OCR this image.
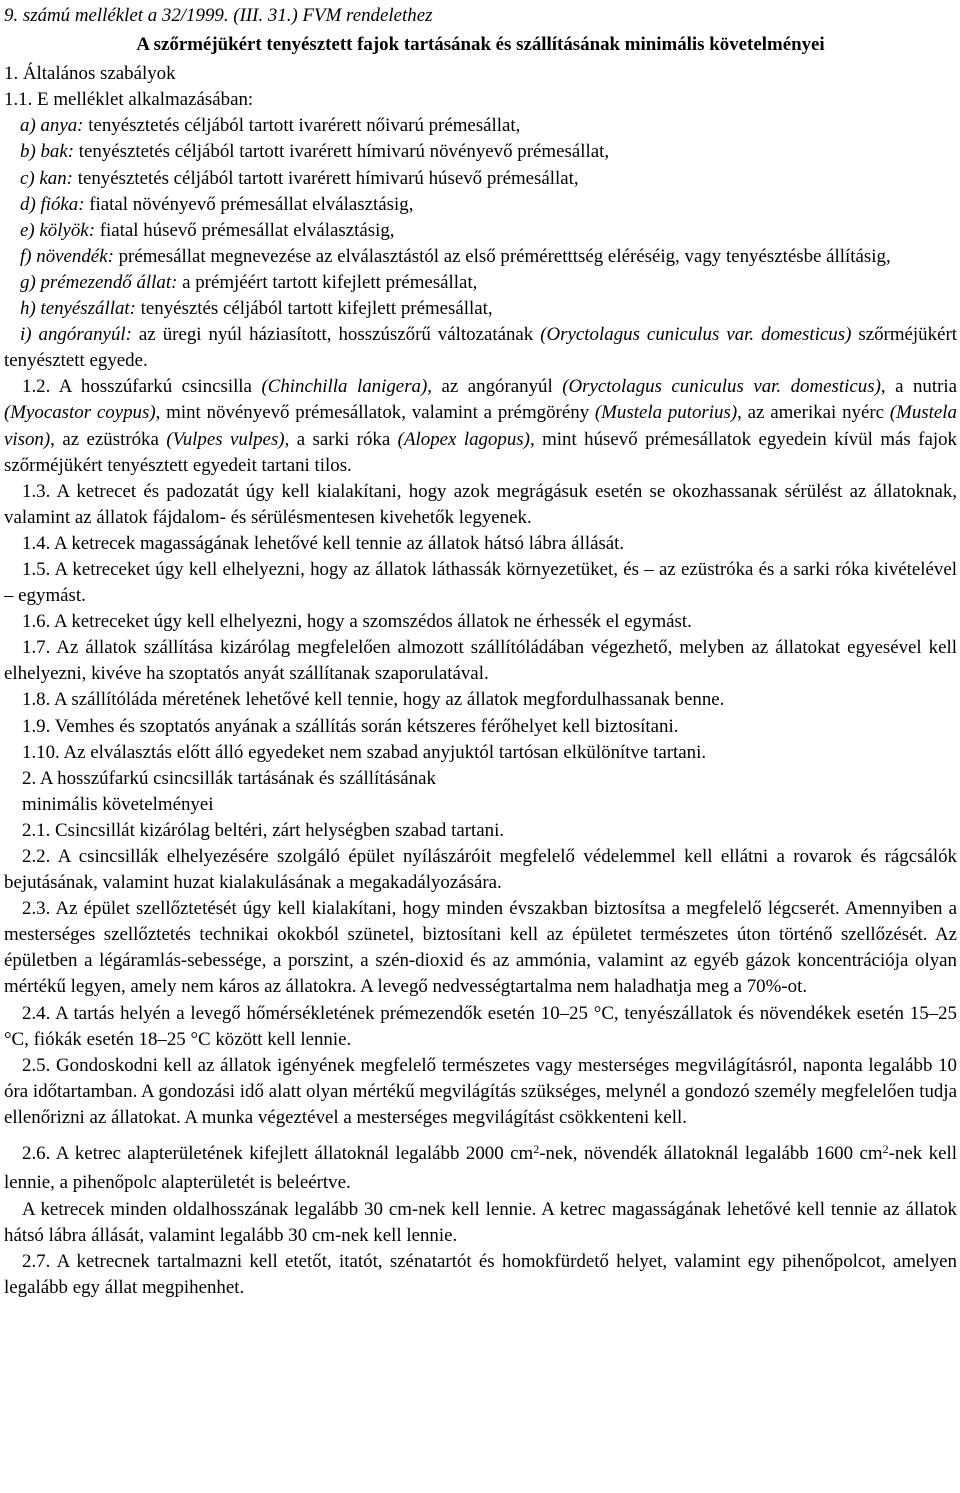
9. számú melléklet a 32/1999. (III. 31.) FVM rendelethez

A szőrméjükért tenyésztett fajok tartásának és szállításának minimális követelményei

1. Általános szabályok

1.1. E melléklet alkalmazásában:

a) anya: tenyésztetés céljából tartott ivarérett nőivarú prémesállat,

b) bak: tenyésztetés céljából tartott ivarérett hímivarú növényevő prémesállat,

c) kan: tenyésztetés céljából tartott ivarérett hímivarú húsevő prémesállat,

d) fióka: fiatal növényevő prémesállat elválasztásig,

e) kölyök: fiatal húsevő prémesállat elválasztásig,

f) növendék: prémesállat megnevezése az elválasztástól az első préméretttség eléréséig, vagy tenyésztésbe állításig,

g) prémezendő állat: a prémjéért tartott kifejlett prémesállat,

h) tenyészállat: tenyésztés céljából tartott kifejlett prémesállat,

i) angóranyúl: az üregi nyúl háziasított, hosszúszőrű változatának (Oryctolagus cuniculus var. domesticus) szőrméjükért tenyésztett egyede.

1.2. A hosszúfarkú csincsilla (Chinchilla lanigera), az angóranyúl (Oryctolagus cuniculus var. domesticus), a nutria (Myocastor coypus), mint növényevő prémesállatok, valamint a prémgörény (Mustela putorius), az amerikai nyérc (Mustela vison), az ezüstróka (Vulpes vulpes), a sarki róka (Alopex lagopus), mint húsevő prémesállatok egyedein kívül más fajok szőrméjükért tenyésztett egyedeit tartani tilos.

1.3. A ketrecet és padozatát úgy kell kialakítani, hogy azok megrágásuk esetén se okozhassanak sérülést az állatoknak, valamint az állatok fájdalom- és sérülésmentesen kivehetők legyenek.

1.4. A ketrecek magasságának lehetővé kell tennie az állatok hátsó lábra állását.

1.5. A ketreceket úgy kell elhelyezni, hogy az állatok láthassák környezetüket, és – az ezüstróka és a sarki róka kivételével – egymást.

1.6. A ketreceket úgy kell elhelyezni, hogy a szomszédos állatok ne érhessék el egymást.

1.7. Az állatok szállítása kizárólag megfelelően almozott szállítóládában végezhető, melyben az állatokat egyesével kell elhelyezni, kivéve ha szoptatós anyát szállítanak szaporulatával.

1.8. A szállítóláda méretének lehetővé kell tennie, hogy az állatok megfordulhassanak benne.

1.9. Vemhes és szoptatós anyának a szállítás során kétszeres férőhelyet kell biztosítani.

1.10. Az elválasztás előtt álló egyedeket nem szabad anyjuktól tartósan elkülönítve tartani.

2. A hosszúfarkú csincsillák tartásának és szállításának

minimális követelményei

2.1. Csincsillát kizárólag beltéri, zárt helységben szabad tartani.

2.2. A csincsillák elhelyezésére szolgáló épület nyílászáróit megfelelő védelemmel kell ellátni a rovarok és rágcsálók bejutásának, valamint huzat kialakulásának a megakadályozására.

2.3. Az épület szellőztetését úgy kell kialakítani, hogy minden évszakban biztosítsa a megfelelő légcserét. Amennyiben a mesterséges szellőztetés technikai okokból szünetel, biztosítani kell az épületet természetes úton történő szellőzését. Az épületben a légáramlás-sebessége, a porszint, a szén-dioxid és az ammónia, valamint az egyéb gázok koncentrációja olyan mértékű legyen, amely nem káros az állatokra. A levegő nedvességtartalma nem haladhatja meg a 70%-ot.

2.4. A tartás helyén a levegő hőmérsékletének prémezendők esetén 10–25 °C, tenyészállatok és növendékek esetén 15–25 °C, fiókák esetén 18–25 °C között kell lennie.

2.5. Gondoskodni kell az állatok igényének megfelelő természetes vagy mesterséges megvilágításról, naponta legalább 10 óra időtartamban. A gondozási idő alatt olyan mértékű megvilágítás szükséges, melynél a gondozó személy megfelelően tudja ellenőrizni az állatokat. A munka végeztével a mesterséges megvilágítást csökkenteni kell.

2.6. A ketrec alapterületének kifejlett állatoknál legalább 2000 $cm^2$-nek, növendék állatoknál legalább 1600 $cm^2$-nek kell lennie, a pihenőpolc alapterületét is beleértve.

A ketrecek minden oldalhosszának legalább 30 cm-nek kell lennie. A ketrec magasságának lehetővé kell tennie az állatok hátsó lábra állását, valamint legalább 30 cm-nek kell lennie.

2.7. A ketrecnek tartalmazni kell etetőt, itatót, szénatartót és homokfürdető helyet, valamint egy pihenőpolcot, amelyen legalább egy állat megpihenhet.
